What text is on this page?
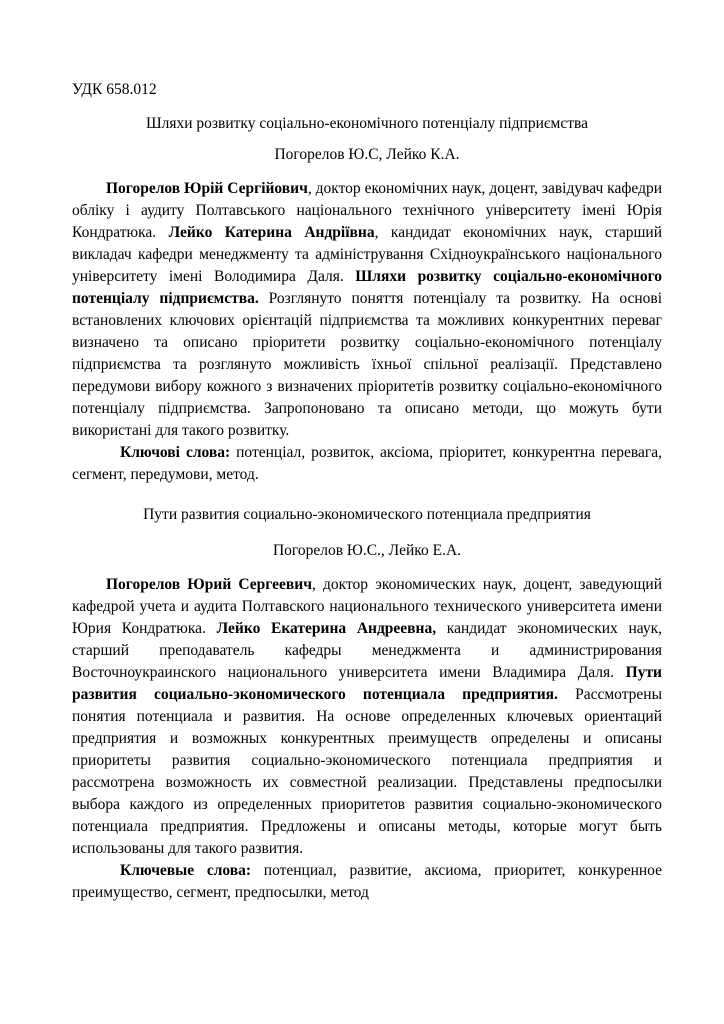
УДК 658.012
Шляхи розвитку соціально-економічного потенціалу підприємства
Погорелов Ю.С, Лейко К.А.

Погорелов Юрій Сергійович, доктор економічних наук, доцент, завідувач кафедри обліку і аудиту Полтавського національного технічного університету імені Юрія Кондратюка. Лейко Катерина Андріївна, кандидат економічних наук, старший викладач кафедри менеджменту та адміністрування Східноукраїнського національного університету імені Володимира Даля. Шляхи розвитку соціально-економічного потенціалу підприємства. Розглянуто поняття потенціалу та розвитку. На основі встановлених ключових орієнтацій підприємства та можливих конкурентних переваг визначено та описано пріоритети розвитку соціально-економічного потенціалу підприємства та розглянуто можливість їхньої спільної реалізації. Представлено передумови вибору кожного з визначених пріоритетів розвитку соціально-економічного потенціалу підприємства. Запропоновано та описано методи, що можуть бути використані для такого розвитку.

Ключові слова: потенціал, розвиток, аксіома, пріоритет, конкурентна перевага, сегмент, передумови, метод.

Пути развития социально-экономического потенциала предприятия
Погорелов Ю.С., Лейко Е.А.

Погорелов Юрий Сергеевич, доктор экономических наук, доцент, заведующий кафедрой учета и аудита Полтавского национального технического университета имени Юрия Кондратюка. Лейко Екатерина Андреевна, кандидат экономических наук, старший преподаватель кафедры менеджмента и администрирования Восточноукраинского национального университета имени Владимира Даля. Пути развития социально-экономического потенциала предприятия. Рассмотрены понятия потенциала и развития. На основе определенных ключевых ориентаций предприятия и возможных конкурентных преимуществ определены и описаны приоритеты развития социально-экономического потенциала предприятия и рассмотрена возможность их совместной реализации. Представлены предпосылки выбора каждого из определенных приоритетов развития социально-экономического потенциала предприятия. Предложены и описаны методы, которые могут быть использованы для такого развития.

Ключевые слова: потенциал, развитие, аксиома, приоритет, конкуренное преимущество, сегмент, предпосылки, метод
